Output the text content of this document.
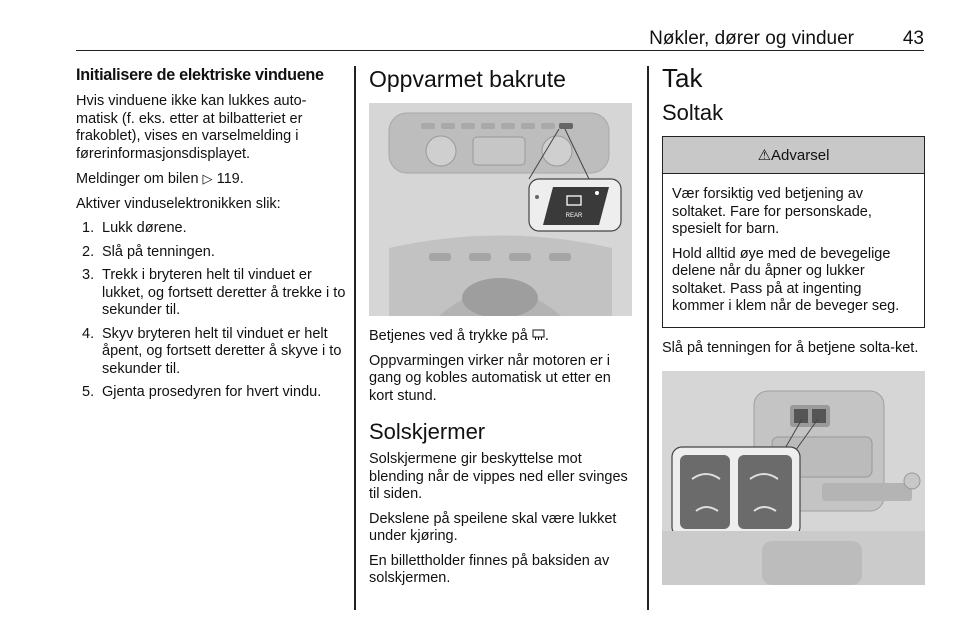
Nøkler, dører og vinduer	43
Initialisere de elektriske vinduene

Hvis vinduene ikke kan lukkes auto-matisk (f. eks. etter at bilbatteriet er frakoblet), vises en varselmelding i førerinformasjonsdisplayet.

Meldinger om bilen ▷ 119.

Aktiver vinduselektronikken slik:

1. Lukk dørene.
2. Slå på tenningen.
3. Trekk i bryteren helt til vinduet er lukket, og fortsett deretter å trekke i to sekunder til.
4. Skyv bryteren helt til vinduet er helt åpent, og fortsett deretter å skyve i to sekunder til.
5. Gjenta prosedyren for hvert vindu.
Oppvarmet bakrute
REAR

Betjenes ved å trykke på .

Oppvarmingen virker når motoren er i gang og kobles automatisk ut etter en kort stund.

Solskjermer

Solskjermene gir beskyttelse mot blending når de vippes ned eller svinges til siden.

Dekslene på speilene skal være lukket under kjøring.

En billettholder finnes på baksiden av solskjermen.

Tak
Soltak
⚠Advarsel

Vær forsiktig ved betjening av soltaket. Fare for personskade, spesielt for barn.

Hold alltid øye med de bevegelige delene når du åpner og lukker soltaket. Pass på at ingenting kommer i klem når de beveger seg.

Slå på tenningen for å betjene solta-ket.
